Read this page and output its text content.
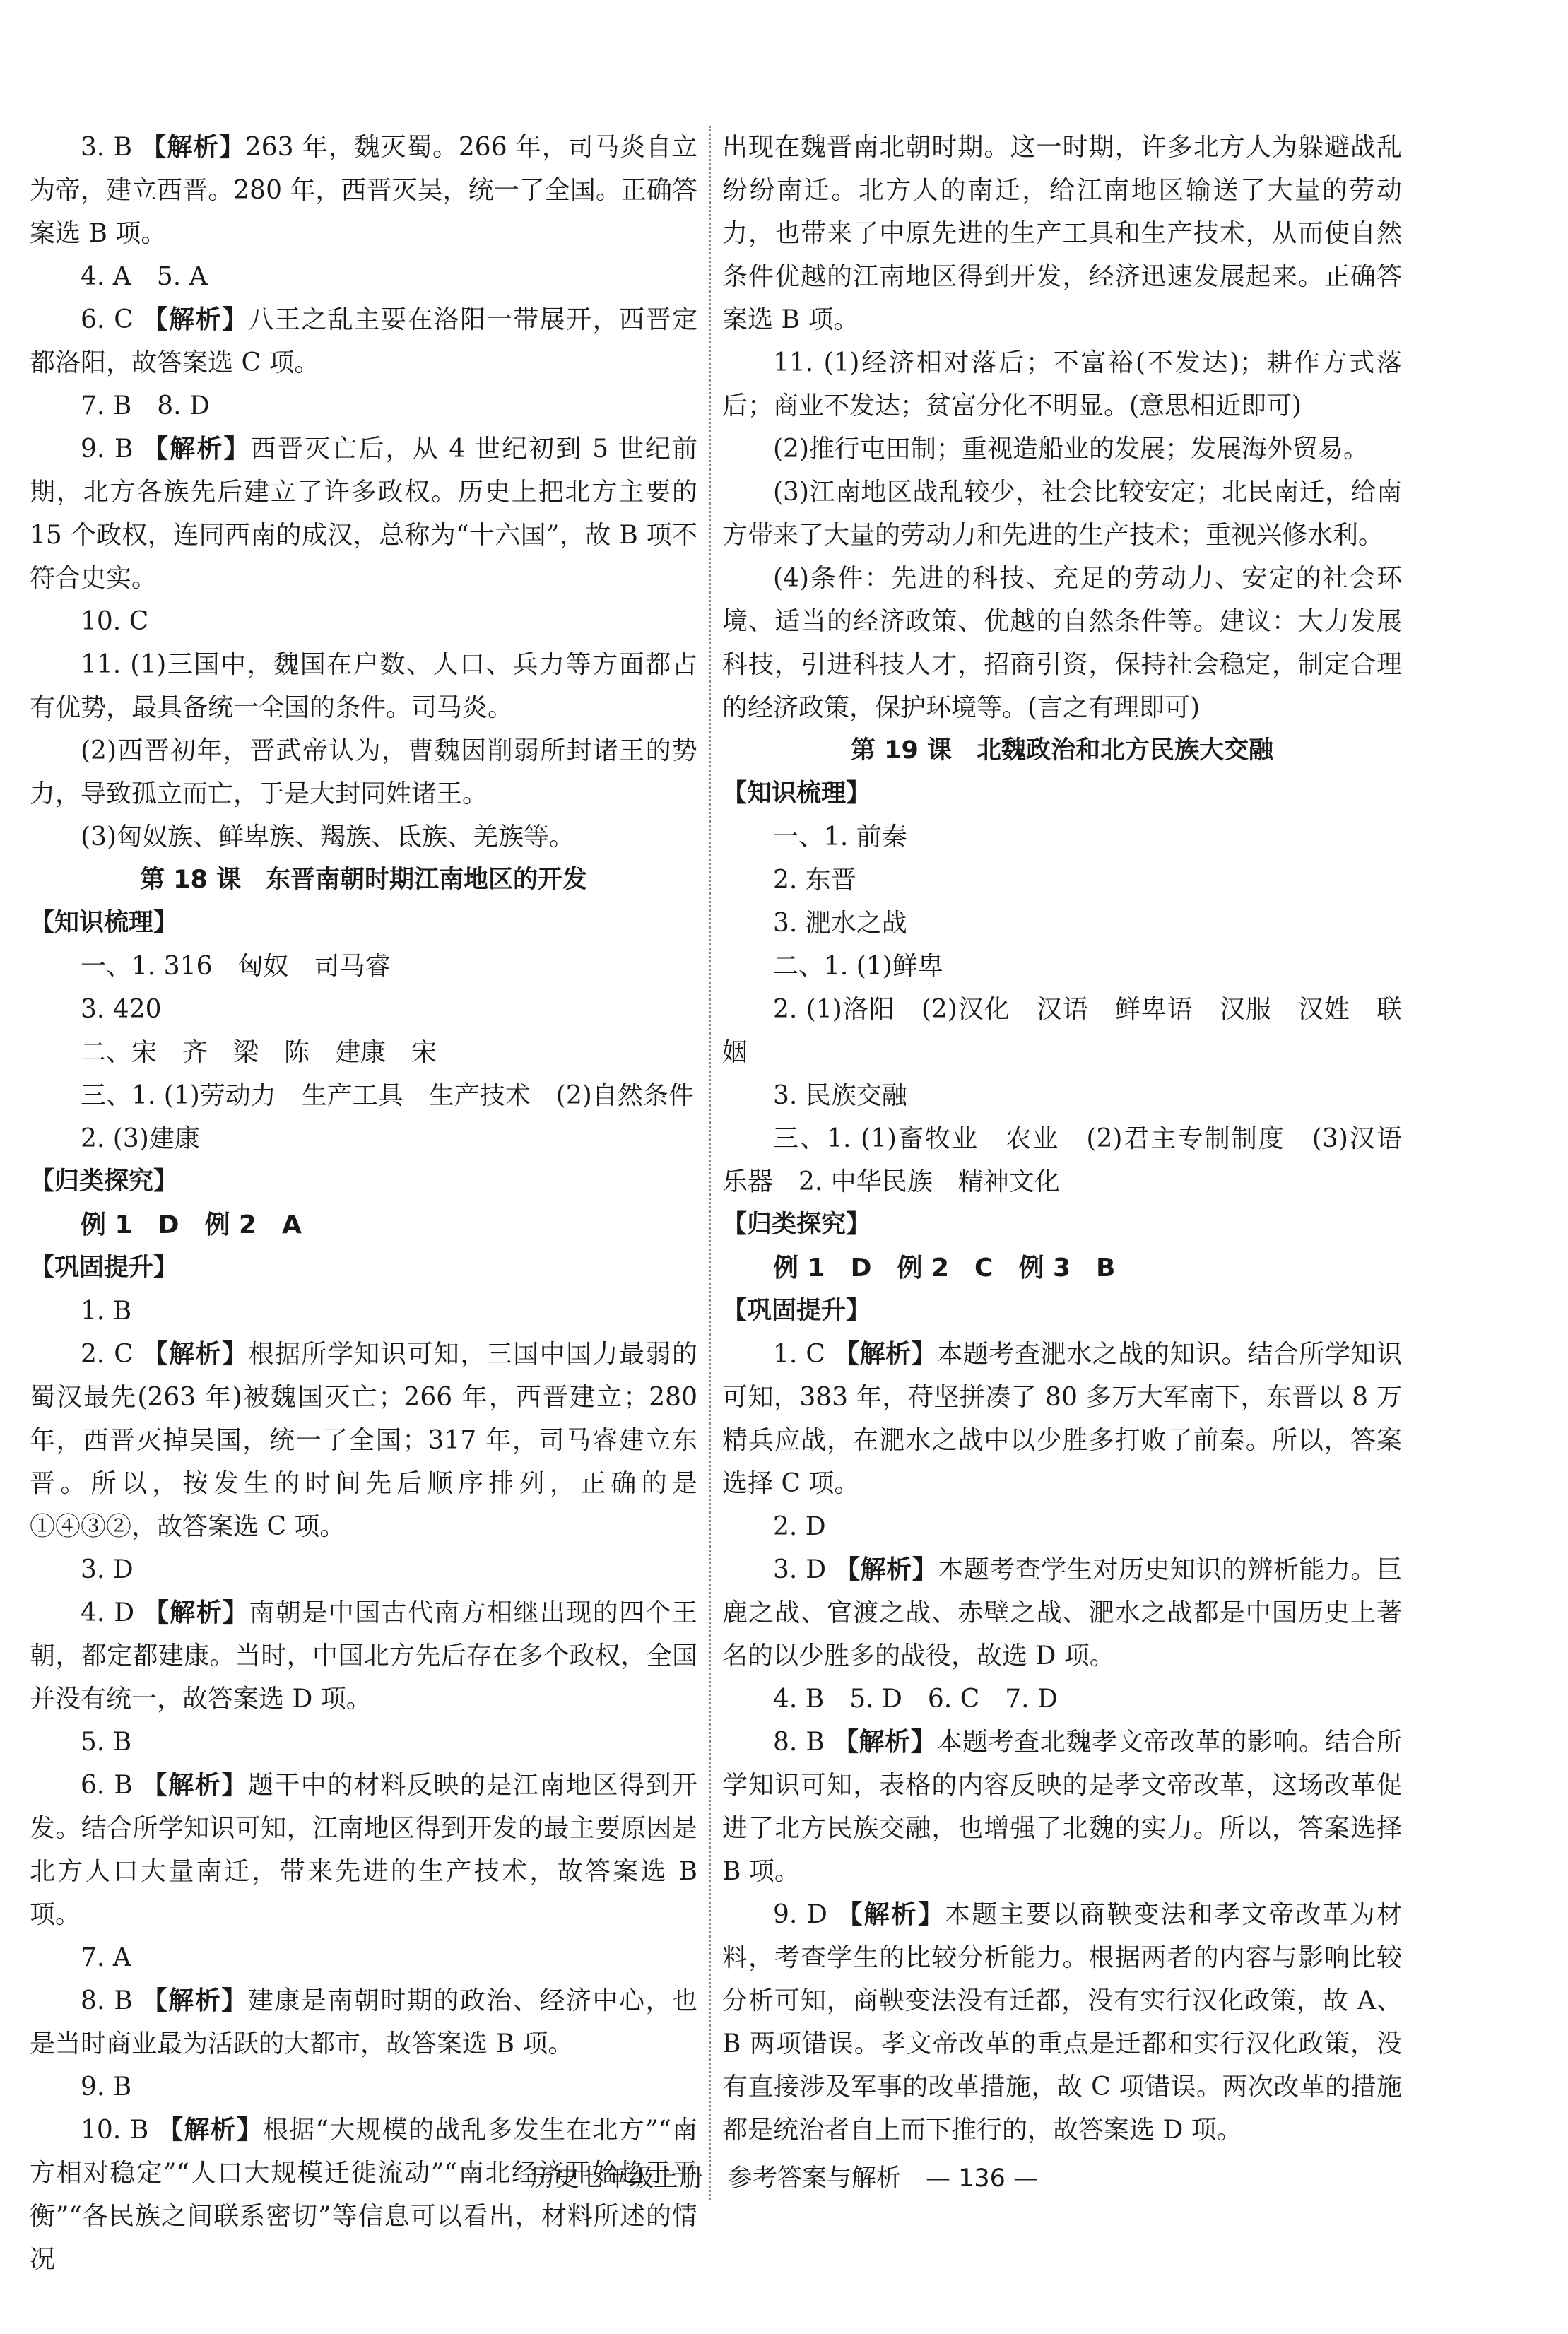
3. B 【解析】263 年，魏灭蜀。266 年，司马炎自立为帝，建立西晋。280 年，西晋灭吴，统一了全国。正确答案选 B 项。

4. A　5. A

6. C 【解析】八王之乱主要在洛阳一带展开，西晋定都洛阳，故答案选 C 项。

7. B　8. D

9. B 【解析】西晋灭亡后，从 4 世纪初到 5 世纪前期，北方各族先后建立了许多政权。历史上把北方主要的 15 个政权，连同西南的成汉，总称为“十六国”，故 B 项不符合史实。

10. C

11. (1)三国中，魏国在户数、人口、兵力等方面都占有优势，最具备统一全国的条件。司马炎。

(2)西晋初年，晋武帝认为，曹魏因削弱所封诸王的势力，导致孤立而亡，于是大封同姓诸王。

(3)匈奴族、鲜卑族、羯族、氐族、羌族等。

第 18 课　东晋南朝时期江南地区的开发

【知识梳理】

一、1. 316　匈奴　司马睿

3. 420

二、宋　齐　梁　陈　建康　宋

三、1. (1)劳动力　生产工具　生产技术　(2)自然条件

2. (3)建康

【归类探究】

例 1　D　例 2　A

【巩固提升】

1. B

2. C 【解析】根据所学知识可知，三国中国力最弱的蜀汉最先(263 年)被魏国灭亡；266 年，西晋建立；280 年，西晋灭掉吴国，统一了全国；317 年，司马睿建立东晋。所以，按发生的时间先后顺序排列，正确的是①④③②，故答案选 C 项。

3. D

4. D 【解析】南朝是中国古代南方相继出现的四个王朝，都定都建康。当时，中国北方先后存在多个政权，全国并没有统一，故答案选 D 项。

5. B

6. B 【解析】题干中的材料反映的是江南地区得到开发。结合所学知识可知，江南地区得到开发的最主要原因是北方人口大量南迁，带来先进的生产技术，故答案选 B 项。

7. A

8. B 【解析】建康是南朝时期的政治、经济中心，也是当时商业最为活跃的大都市，故答案选 B 项。

9. B

10. B 【解析】根据“大规模的战乱多发生在北方”“南方相对稳定”“人口大规模迁徙流动”“南北经济开始趋于平衡”“各民族之间联系密切”等信息可以看出，材料所述的情况

出现在魏晋南北朝时期。这一时期，许多北方人为躲避战乱纷纷南迁。北方人的南迁，给江南地区输送了大量的劳动力，也带来了中原先进的生产工具和生产技术，从而使自然条件优越的江南地区得到开发，经济迅速发展起来。正确答案选 B 项。

11. (1)经济相对落后；不富裕(不发达)；耕作方式落后；商业不发达；贫富分化不明显。(意思相近即可)

(2)推行屯田制；重视造船业的发展；发展海外贸易。

(3)江南地区战乱较少，社会比较安定；北民南迁，给南方带来了大量的劳动力和先进的生产技术；重视兴修水利。

(4)条件：先进的科技、充足的劳动力、安定的社会环境、适当的经济政策、优越的自然条件等。建议：大力发展科技，引进科技人才，招商引资，保持社会稳定，制定合理的经济政策，保护环境等。(言之有理即可)

第 19 课　北魏政治和北方民族大交融

【知识梳理】

一、1. 前秦

2. 东晋

3. 淝水之战

二、1. (1)鲜卑

2. (1)洛阳　(2)汉化　汉语　鲜卑语　汉服　汉姓　联姻

3. 民族交融

三、1. (1)畜牧业　农业　(2)君主专制制度　(3)汉语　乐器　2. 中华民族　精神文化

【归类探究】

例 1　D　例 2　C　例 3　B

【巩固提升】

1. C 【解析】本题考查淝水之战的知识。结合所学知识可知，383 年，苻坚拼凑了 80 多万大军南下，东晋以 8 万精兵应战，在淝水之战中以少胜多打败了前秦。所以，答案选择 C 项。

2. D

3. D 【解析】本题考查学生对历史知识的辨析能力。巨鹿之战、官渡之战、赤壁之战、淝水之战都是中国历史上著名的以少胜多的战役，故选 D 项。

4. B　5. D　6. C　7. D

8. B 【解析】本题考查北魏孝文帝改革的影响。结合所学知识可知，表格的内容反映的是孝文帝改革，这场改革促进了北方民族交融，也增强了北魏的实力。所以，答案选择 B 项。

9. D 【解析】本题主要以商鞅变法和孝文帝改革为材料，考查学生的比较分析能力。根据两者的内容与影响比较分析可知，商鞅变法没有迁都，没有实行汉化政策，故 A、B 两项错误。孝文帝改革的重点是迁都和实行汉化政策，没有直接涉及军事的改革措施，故 C 项错误。两次改革的措施都是统治者自上而下推行的，故答案选 D 项。

历史七年级上册　参考答案与解析　— 136 —
